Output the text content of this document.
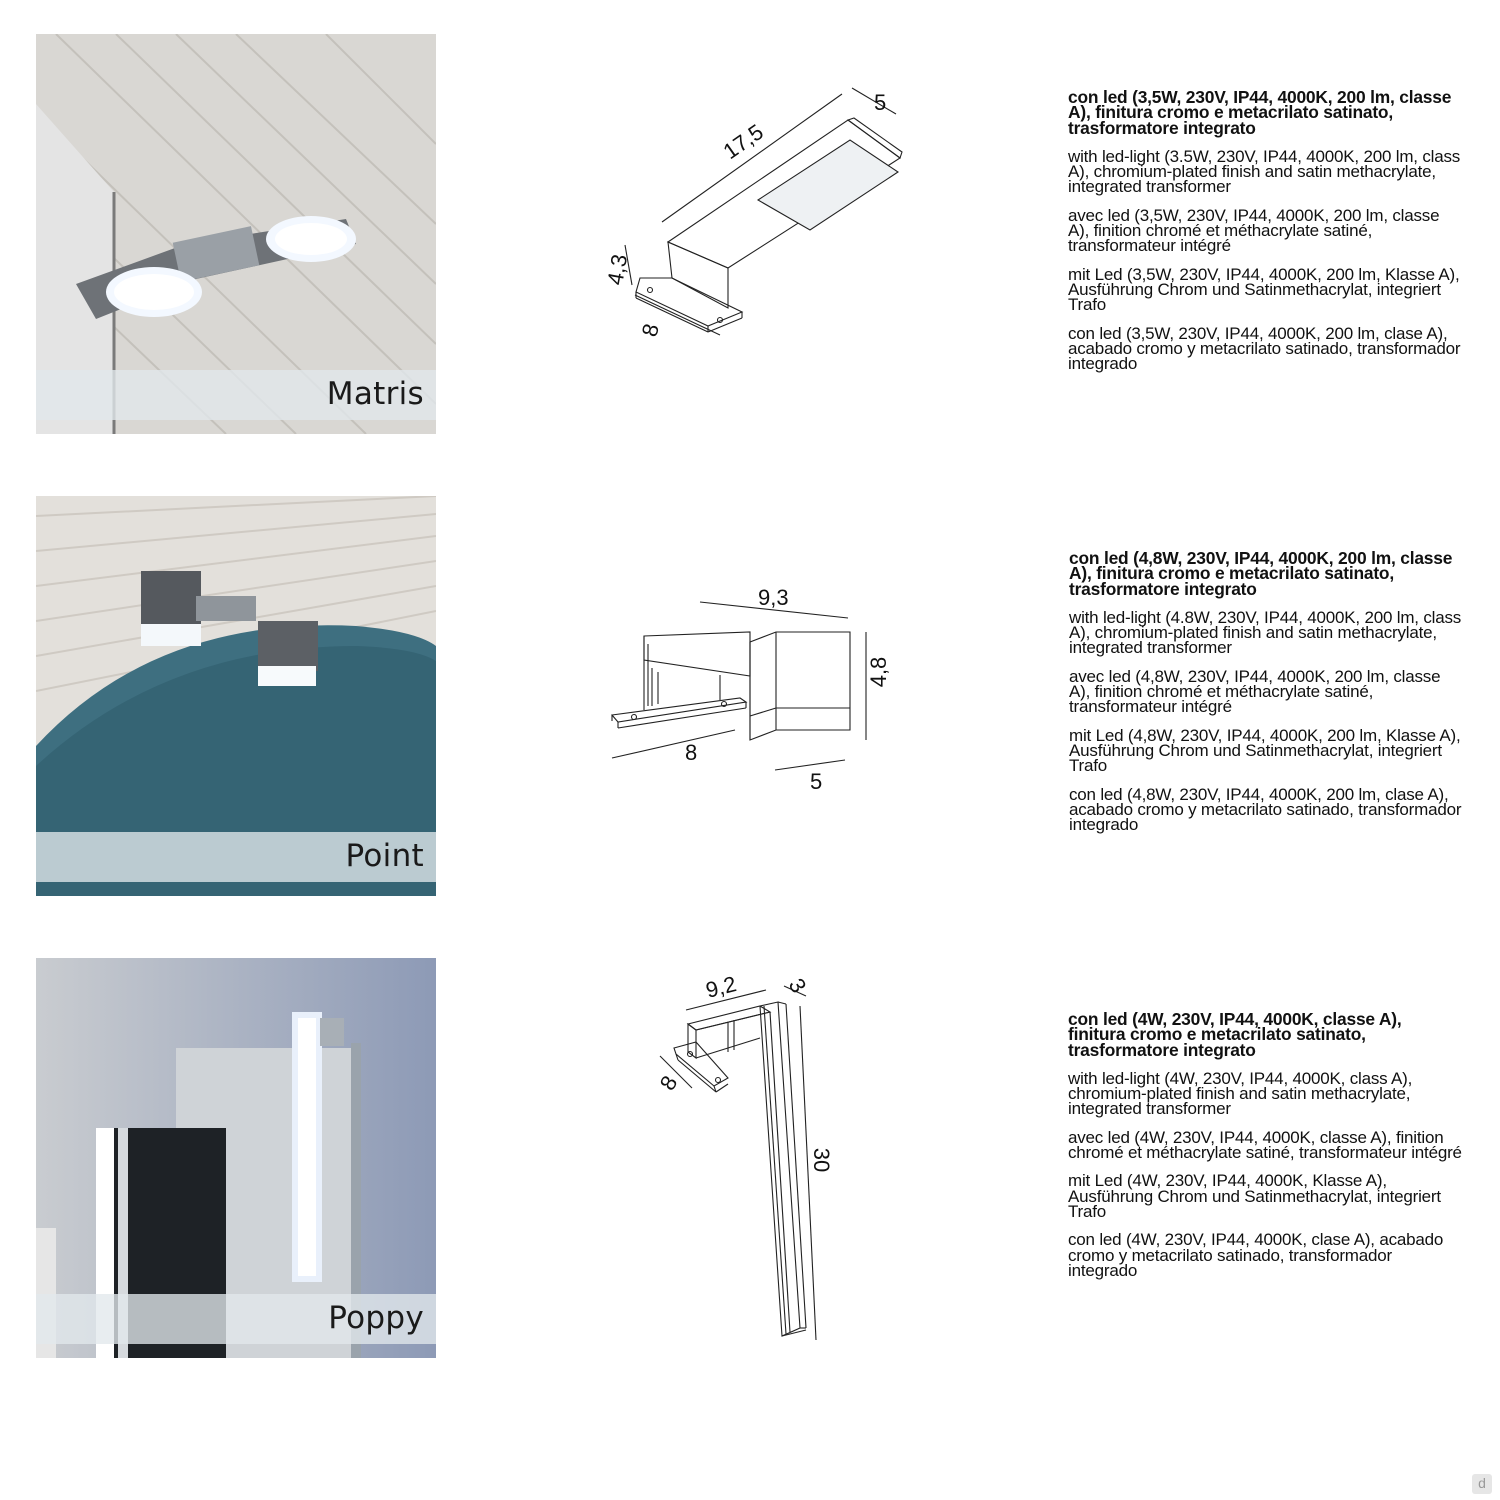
Matris
17,5
5
4,3
8

con led (3,5W, 230V, IP44, 4000K, 200 lm, classe A), finitura cromo e metacrilato satinato, trasformatore integrato

with led-light (3.5W, 230V, IP44, 4000K, 200 lm, class A), chromium-plated finish and satin methacrylate, integrated transformer

avec led (3,5W, 230V, IP44, 4000K, 200 lm, classe A), finition chromé et méthacrylate satiné, transformateur intégré

mit Led (3,5W, 230V, IP44, 4000K, 200 lm, Klasse A), Ausführung Chrom und Satinmethacrylat, integriert Trafo

con led (3,5W, 230V, IP44, 4000K, 200 lm, clase A), acabado cromo y metacrilato satinado, transformador integrado

Point
9,3
4,8
8
5

con led (4,8W, 230V, IP44, 4000K, 200 lm, classe A), finitura cromo e metacrilato satinato, trasformatore integrato

with led-light (4.8W, 230V, IP44, 4000K, 200 lm, class A), chromium-plated finish and satin methacrylate, integrated transformer

avec led (4,8W, 230V, IP44, 4000K, 200 lm, classe A), finition chromé et méthacrylate satiné, transformateur intégré

mit Led (4,8W, 230V, IP44, 4000K, 200 lm, Klasse A), Ausführung Chrom und Satinmethacrylat, integriert Trafo

con led (4,8W, 230V, IP44, 4000K, 200 lm, clase A), acabado cromo y metacrilato satinado, transformador integrado

Poppy
9,2 3
8
30

con led (4W, 230V, IP44, 4000K, classe A), finitura cromo e metacrilato satinato, trasformatore integrato

with led-light (4W, 230V, IP44, 4000K, class A), chromium-plated finish and satin methacrylate, integrated transformer

avec led (4W, 230V, IP44, 4000K, classe A), finition chromé et méthacrylate satiné, transformateur intégré

mit Led (4W, 230V, IP44, 4000K, Klasse A), Ausführung Chrom und Satinmethacrylat, integriert Trafo

con led (4W, 230V, IP44, 4000K, clase A), acabado cromo y metacrilato satinado, transformador integrado

d
